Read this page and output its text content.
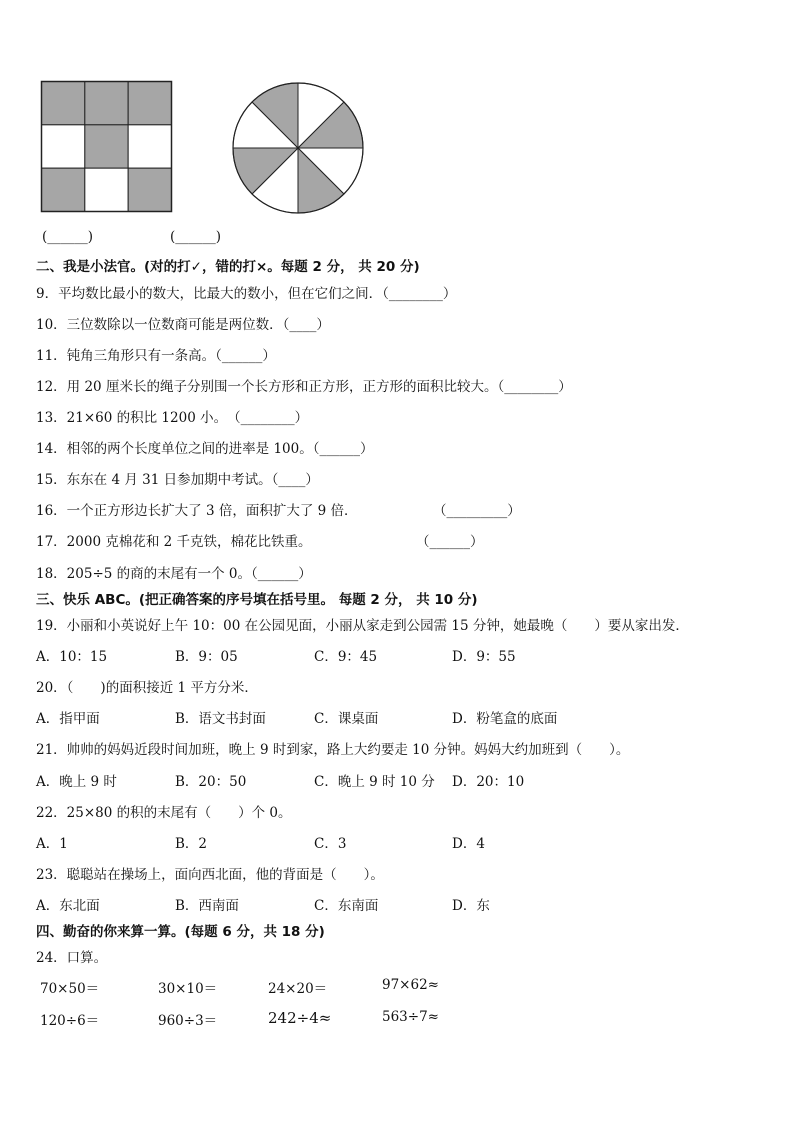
(______)	(______)
二、我是小法官。(对的打✓，错的打×。每题 2 分， 共 20 分)
9．平均数比最小的数大，比最大的数小，但在它们之间．（________）
10．三位数除以一位数商可能是两位数．（____）
11．钝角三角形只有一条高。（______）
12．用 20 厘米长的绳子分别围一个长方形和正方形，正方形的面积比较大。（________）
13．21×60 的积比 1200 小。　（________）
14．相邻的两个长度单位之间的进率是 100。（______）
15．东东在 4 月 31 日参加期中考试。（____）
16．一个正方形边长扩大了 3 倍，面积扩大了 9 倍．	（_________）
17．2000 克棉花和 2 千克铁，棉花比铁重。	（______）
18．205÷5 的商的末尾有一个 0。（______）
三、快乐 ABC。(把正确答案的序号填在括号里。 每题 2 分， 共 10 分)
19．小丽和小英说好上午 10：00 在公园见面，小丽从家走到公园需 15 分钟，她最晚（　　）要从家出发．
A．10：15	B．9：05	C．9：45	D．9：55
20．（　　)的面积接近 1 平方分米．
A．指甲面	B．语文书封面	C．课桌面	D．粉笔盒的底面
21．帅帅的妈妈近段时间加班，晚上 9 时到家，路上大约要走 10 分钟。妈妈大约加班到（　　）。
A．晚上 9 时	B．20：50	C．晚上 9 时 10 分 D．20：10
22．25×80 的积的末尾有（　　）个 0。
A．1	B．2	C．3	D．4
23．聪聪站在操场上，面向西北面，他的背面是（　　）。
A．东北面	B．西南面	C．东南面	D．东
四、勤奋的你来算一算。(每题 6 分，共 18 分)
24．口算。
70×50＝	30×10＝	24×20＝	97×62≈
120÷6＝	960÷3＝	242÷4≈	563÷7≈
